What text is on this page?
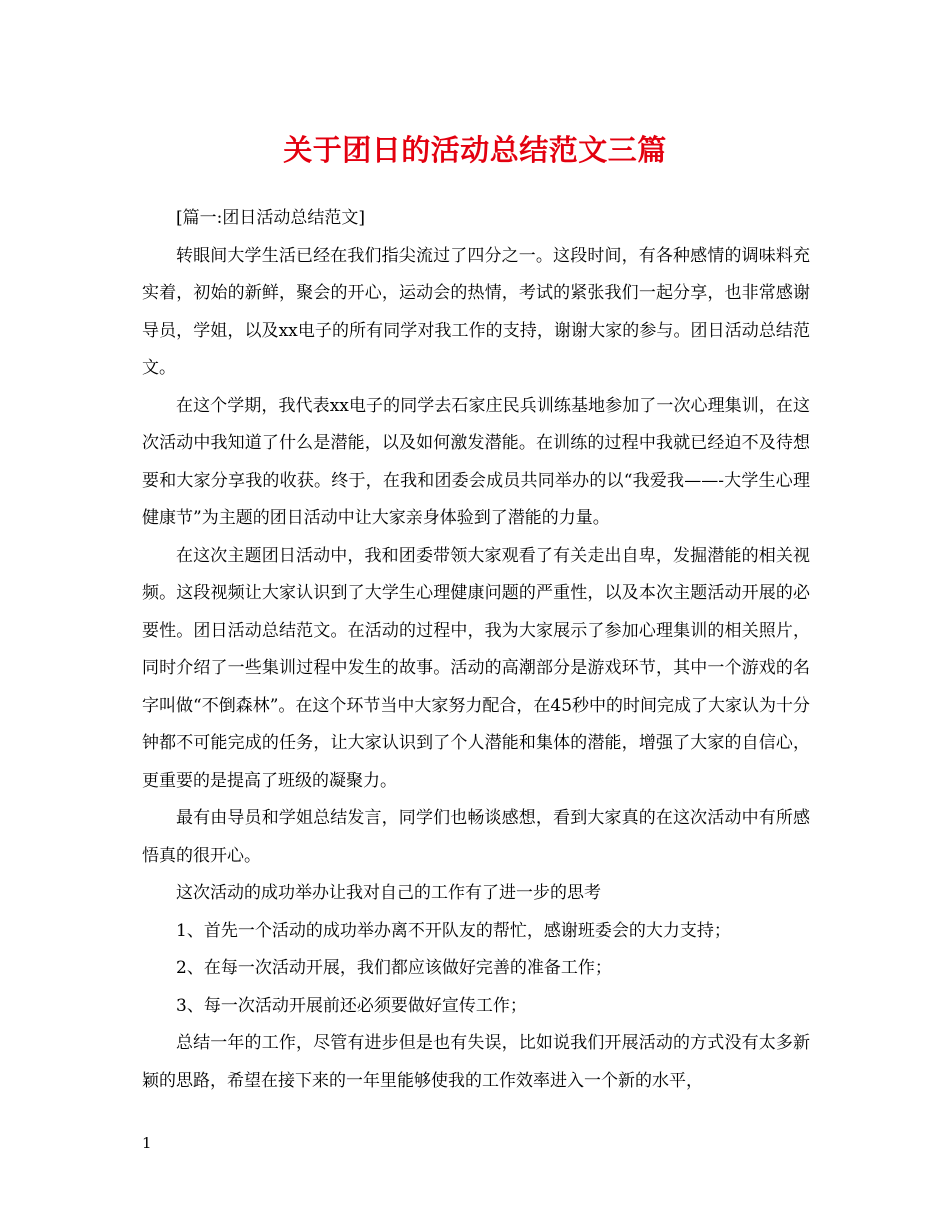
关于团日的活动总结范文三篇

[篇一:团日活动总结范文]

转眼间大学生活已经在我们指尖流过了四分之一。这段时间，有各种感情的调味料充实着，初始的新鲜，聚会的开心，运动会的热情，考试的紧张我们一起分享，也非常感谢导员，学姐，以及xx电子的所有同学对我工作的支持，谢谢大家的参与。团日活动总结范文。

在这个学期，我代表xx电子的同学去石家庄民兵训练基地参加了一次心理集训，在这次活动中我知道了什么是潜能，以及如何激发潜能。在训练的过程中我就已经迫不及待想要和大家分享我的收获。终于，在我和团委会成员共同举办的以“我爱我——-大学生心理健康节”为主题的团日活动中让大家亲身体验到了潜能的力量。

在这次主题团日活动中，我和团委带领大家观看了有关走出自卑，发掘潜能的相关视频。这段视频让大家认识到了大学生心理健康问题的严重性，以及本次主题活动开展的必要性。团日活动总结范文。在活动的过程中，我为大家展示了参加心理集训的相关照片，同时介绍了一些集训过程中发生的故事。活动的高潮部分是游戏环节，其中一个游戏的名字叫做“不倒森林”。在这个环节当中大家努力配合，在45秒中的时间完成了大家认为十分钟都不可能完成的任务，让大家认识到了个人潜能和集体的潜能，增强了大家的自信心，更重要的是提高了班级的凝聚力。

最有由导员和学姐总结发言，同学们也畅谈感想，看到大家真的在这次活动中有所感悟真的很开心。

这次活动的成功举办让我对自己的工作有了进一步的思考

1、首先一个活动的成功举办离不开队友的帮忙，感谢班委会的大力支持；

2、在每一次活动开展，我们都应该做好完善的准备工作；

3、每一次活动开展前还必须要做好宣传工作；

总结一年的工作，尽管有进步但是也有失误，比如说我们开展活动的方式没有太多新颖的思路，希望在接下来的一年里能够使我的工作效率进入一个新的水平，

1
